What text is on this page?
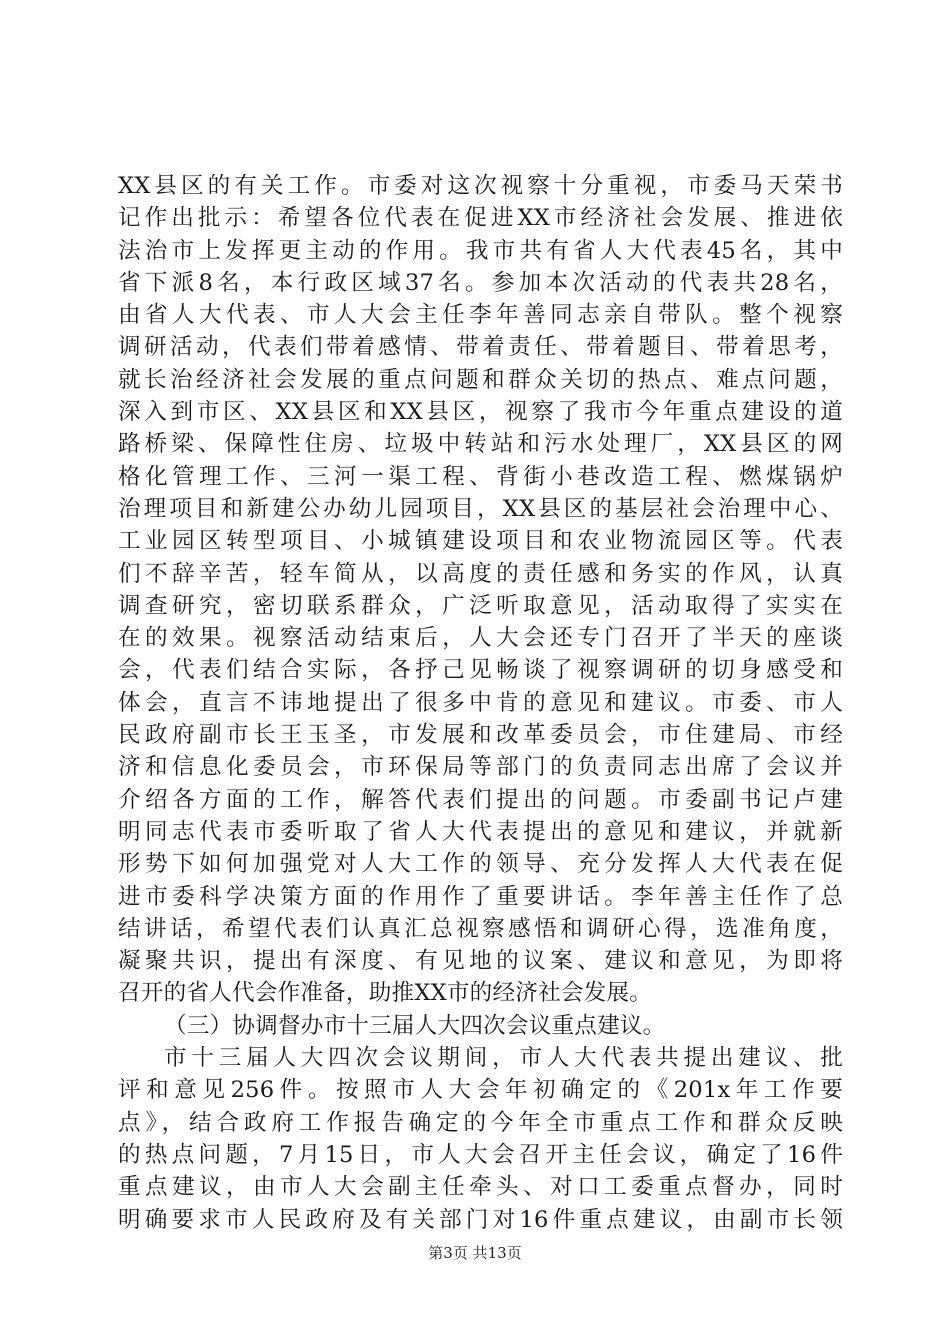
XX县区的有关工作。市委对这次视察十分重视，市委马天荣书
记作出批示：希望各位代表在促进XX市经济社会发展、推进依
法治市上发挥更主动的作用。我市共有省人大代表45名，其中
省下派8名，本行政区域37名。参加本次活动的代表共28名，
由省人大代表、市人大会主任李年善同志亲自带队。整个视察
调研活动，代表们带着感情、带着责任、带着题目、带着思考，
就长治经济社会发展的重点问题和群众关切的热点、难点问题，
深入到市区、XX县区和XX县区，视察了我市今年重点建设的道
路桥梁、保障性住房、垃圾中转站和污水处理厂，XX县区的网
格化管理工作、三河一渠工程、背街小巷改造工程、燃煤锅炉
治理项目和新建公办幼儿园项目，XX县区的基层社会治理中心、
工业园区转型项目、小城镇建设项目和农业物流园区等。代表
们不辞辛苦，轻车简从，以高度的责任感和务实的作风，认真
调查研究，密切联系群众，广泛听取意见，活动取得了实实在
在的效果。视察活动结束后，人大会还专门召开了半天的座谈
会，代表们结合实际，各抒己见畅谈了视察调研的切身感受和
体会，直言不讳地提出了很多中肯的意见和建议。市委、市人
民政府副市长王玉圣，市发展和改革委员会，市住建局、市经
济和信息化委员会，市环保局等部门的负责同志出席了会议并
介绍各方面的工作，解答代表们提出的问题。市委副书记卢建
明同志代表市委听取了省人大代表提出的意见和建议，并就新
形势下如何加强党对人大工作的领导、充分发挥人大代表在促
进市委科学决策方面的作用作了重要讲话。李年善主任作了总
结讲话，希望代表们认真汇总视察感悟和调研心得，选准角度，
凝聚共识，提出有深度、有见地的议案、建议和意见，为即将
召开的省人代会作准备，助推XX市的经济社会发展。
（三）协调督办市十三届人大四次会议重点建议。
市十三届人大四次会议期间，市人大代表共提出建议、批
评和意见256件。按照市人大会年初确定的《201x年工作要
点》，结合政府工作报告确定的今年全市重点工作和群众反映
的热点问题，7月15日，市人大会召开主任会议，确定了16件
重点建议，由市人大会副主任牵头、对口工委重点督办，同时
明确要求市人民政府及有关部门对16件重点建议，由副市长领
第3页 共13页
